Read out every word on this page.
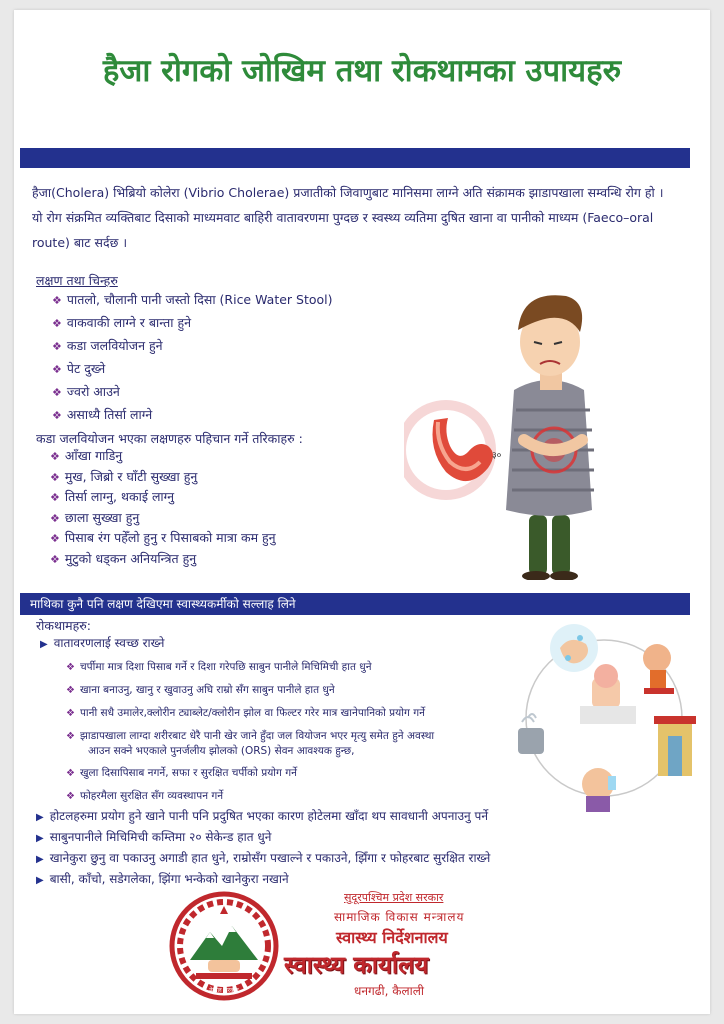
हैजा रोगको जोखिम तथा रोकथामका उपायहरु
हैजा(Cholera) भिब्रियो कोलेरा (Vibrio Cholerae) प्रजातीको जिवाणुबाट मानिसमा लाग्ने अति संक्रामक झाडापखाला सम्वन्धि रोग हो । यो रोग संक्रमित व्यक्तिबाट दिसाको माध्यमवाट बाहिरी वातावरणमा पुग्दछ र स्वस्थ्य व्यतिमा दुषित खाना वा पानीको माध्यम (Faeco–oral route) बाट सर्दछ ।
लक्षण तथा चिन्हरु
❖ पातलो, चौलानी पानी जस्तो दिसा (Rice Water Stool)
❖ वाकवाकी लाग्ने र बान्ता हुने
❖ कडा जलवियोजन हुने
❖ पेट दुख्ने
❖ ज्वरो आउने
❖ असाध्यै तिर्सा लाग्ने
कडा जलवियोजन भएका लक्षणहरु पहिचान गर्ने तरिकाहरु :
❖ आँखा गाडिनु
❖ मुख, जिब्रो र घाँटी सुख्खा हुनु
❖ तिर्सा लाग्नु, थकाई लाग्नु
❖ छाला सुख्खा हुनु
❖ पिसाब रंग पहेँलो हुनु र पिसाबको मात्रा कम हुनु
❖ मुटुको धड्कन अनियन्त्रित हुनु
३०
माथिका कुनै पनि लक्षण देखिएमा स्वास्थ्यकर्मीको सल्लाह लिने
रोकथामहरु:
▶ वातावरणलाई स्वच्छ राख्ने
❖ चर्पीमा मात्र दिशा पिसाब गर्ने र दिशा गरेपछि साबुन पानीले मिचिमिची हात धुने
❖ खाना बनाउनु, खानु र खुवाउनु अघि राम्रो सँग साबुन पानीले हात धुने
❖ पानी सधै उमालेर,क्लोरीन ट्याब्लेट/क्लोरीन झोल वा फिल्टर गरेर मात्र खानेपानिको प्रयोग गर्ने
❖ झाडापखाला लाग्दा शरीरबाट धेरै पानी खेर जाने हुँदा जल वियोजन भएर मृत्यु समेत हुने अवस्था
आउन सक्ने भएकाले पुनर्जलीय झोलको (ORS) सेवन आवश्यक हुन्छ,
❖ खुला दिसापिसाब नगर्ने, सफा र सुरक्षित चर्पीको प्रयोग गर्ने
❖ फोहरमैला सुरक्षित सँग व्यवस्थापन गर्ने
▶ होटलहरुमा प्रयोग हुने खाने पानी पनि प्रदुषित भएका कारण होटेलमा खाँदा थप सावधानी अपनाउनु पर्ने
▶ साबुनपानीले मिचिमिची कम्तिमा २० सेकेन्ड हात धुने
▶ खानेकुरा छुनु वा पकाउनु अगाडी हात धुने, राम्रोसँग पखाल्ने र पकाउने, झिँगा र फोहरबाट सुरक्षित राख्ने
▶ बासी, काँचो, सडेगलेका, झिंगा भन्केको खानेकुरा नखाने
नेपाल सरकार
सुदूरपश्चिम प्रदेश सरकार
सामाजिक विकास मन्त्रालय
स्वास्थ्य निर्देशनालय
स्वास्थ्य कार्यालय
धनगढी, कैलाली
